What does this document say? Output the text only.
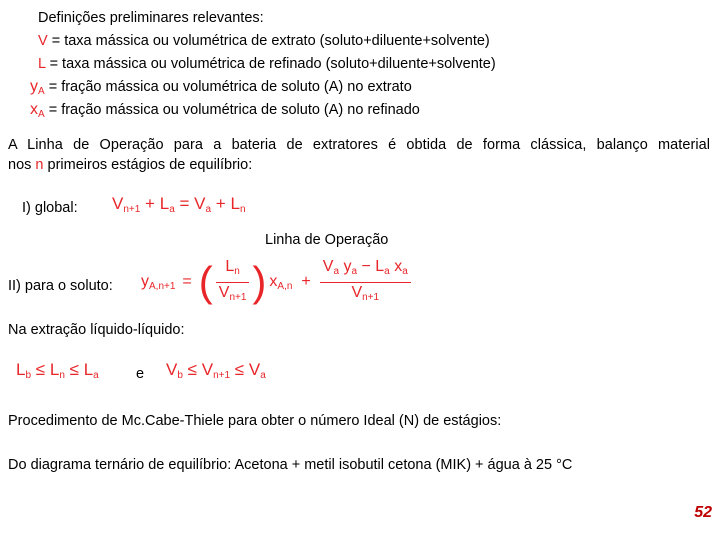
Definições preliminares relevantes:
V = taxa mássica ou volumétrica de extrato (soluto+diluente+solvente)
L = taxa mássica ou volumétrica de refinado (soluto+diluente+solvente)
$y_A$ = fração mássica ou volumétrica de soluto (A) no extrato
$x_A$ = fração mássica ou volumétrica de soluto (A) no refinado
A Linha de Operação para a bateria de extratores é obtida de forma clássica, balanço material
nos n primeiros estágios de equilíbrio:
I) global: $V_{n+1} + L_a = V_a + L_n$
Linha de Operação
II) para o soluto: $y_{A,n+1}$ = ( $\frac{L_n}{V_{n+1}}$ ) $x_{A,n} + \frac{V_a y_a - L_a x_a}{V_{n+1}}$
Na extração líquido-líquido:
$L_b \le L_n \le L_a$	e $V_b \le V_{n+1} \le V_a$
Procedimento de Mc.Cabe-Thiele para obter o número Ideal (N) de estágios:
Do diagrama ternário de equilíbrio: Acetona + metil isobutil cetona (MIK) + água à 25 °C
52
